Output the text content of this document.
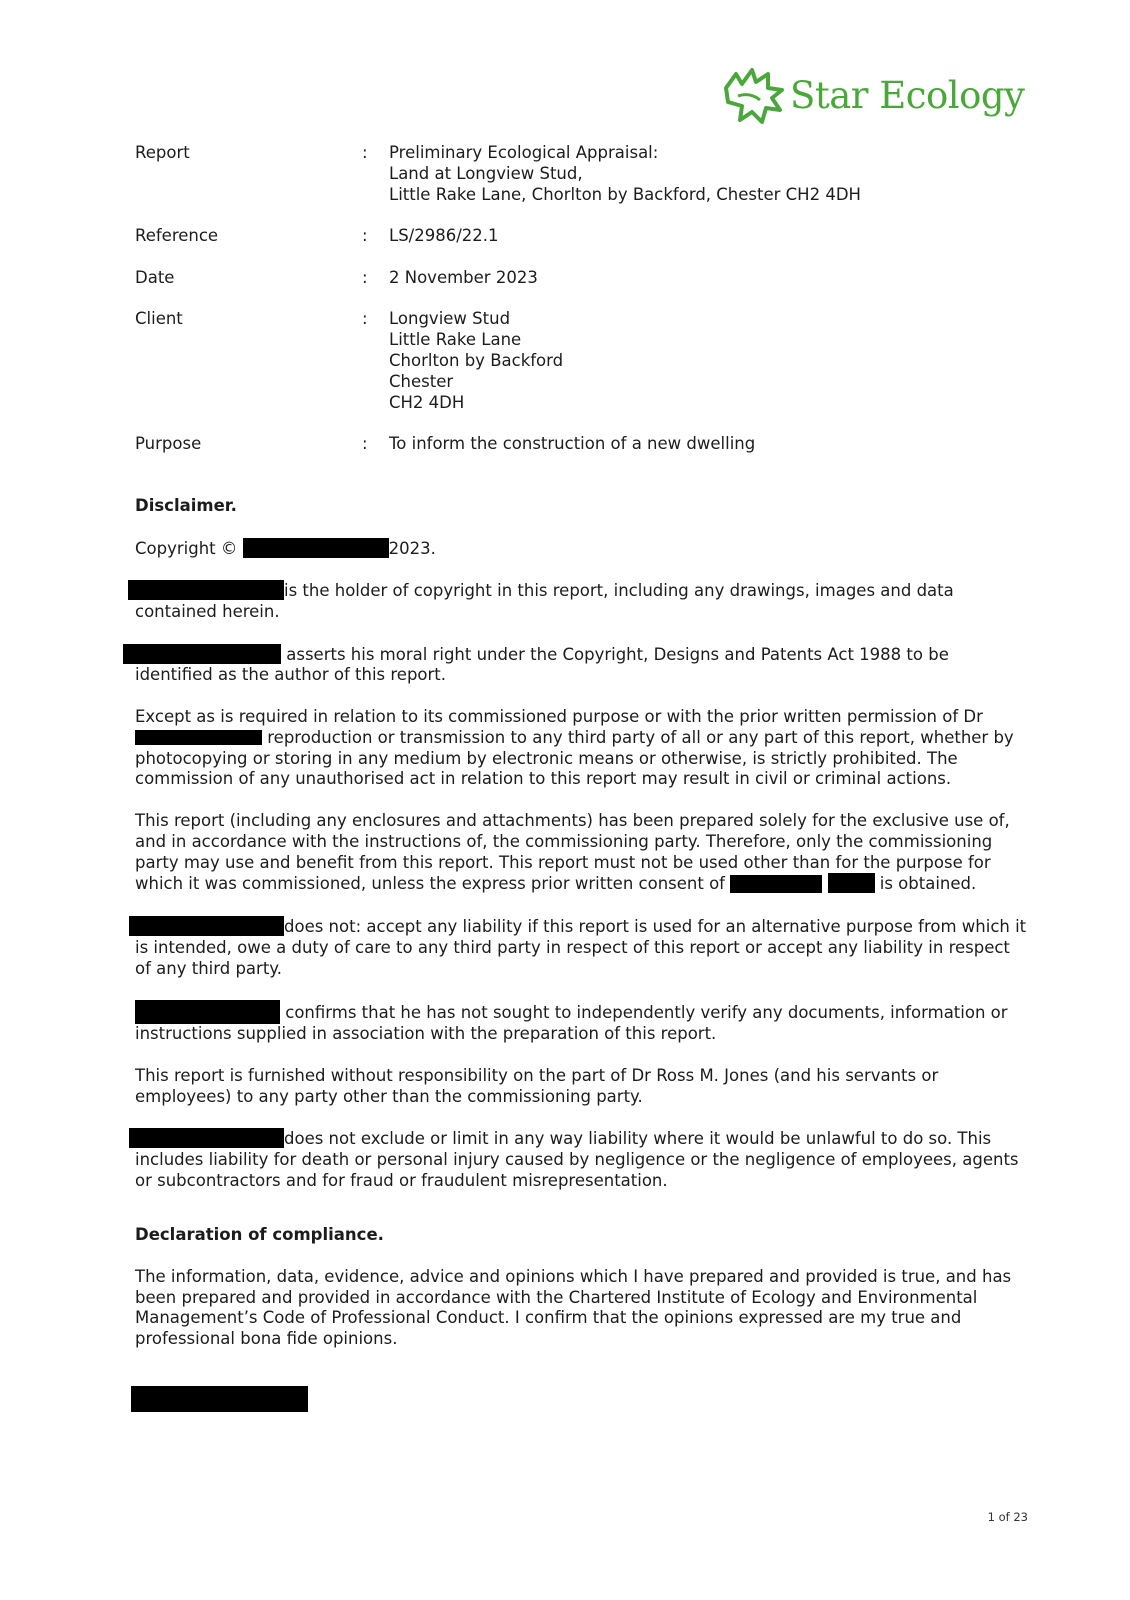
Star Ecology
Report	:	Preliminary Ecological Appraisal:
Land at Longview Stud,
Little Rake Lane, Chorlton by Backford, Chester CH2 4DH
Reference	:	LS/2986/22.1
Date	:	2 November 2023
Client	:	Longview Stud
Little Rake Lane
Chorlton by Backford
Chester
CH2 4DH
Purpose	:	To inform the construction of a new dwelling
Disclaimer.
Copyright ©	2023.
is the holder of copyright in this report, including any drawings, images and data contained herein.
asserts his moral right under the Copyright, Designs and Patents Act 1988 to be identified as the author of this report.
Except as is required in relation to its commissioned purpose or with the prior written permission of Dr  reproduction or transmission to any third party of all or any part of this report, whether by photocopying or storing in any medium by electronic means or otherwise, is strictly prohibited. The commission of any unauthorised act in relation to this report may result in civil or criminal actions.
This report (including any enclosures and attachments) has been prepared solely for the exclusive use of, and in accordance with the instructions of, the commissioning party. Therefore, only the commissioning party may use and benefit from this report. This report must not be used other than for the purpose for which it was commissioned, unless the express prior written consent of	is obtained.
does not: accept any liability if this report is used for an alternative purpose from which it is intended, owe a duty of care to any third party in respect of this report or accept any liability in respect of any third party.
confirms that he has not sought to independently verify any documents, information or instructions supplied in association with the preparation of this report.
This report is furnished without responsibility on the part of Dr Ross M. Jones (and his servants or employees) to any party other than the commissioning party.
does not exclude or limit in any way liability where it would be unlawful to do so. This includes liability for death or personal injury caused by negligence or the negligence of employees, agents or subcontractors and for fraud or fraudulent misrepresentation.
Declaration of compliance.
The information, data, evidence, advice and opinions which I have prepared and provided is true, and has been prepared and provided in accordance with the Chartered Institute of Ecology and Environmental Management’s Code of Professional Conduct. I confirm that the opinions expressed are my true and professional bona fide opinions.
1 of 23
